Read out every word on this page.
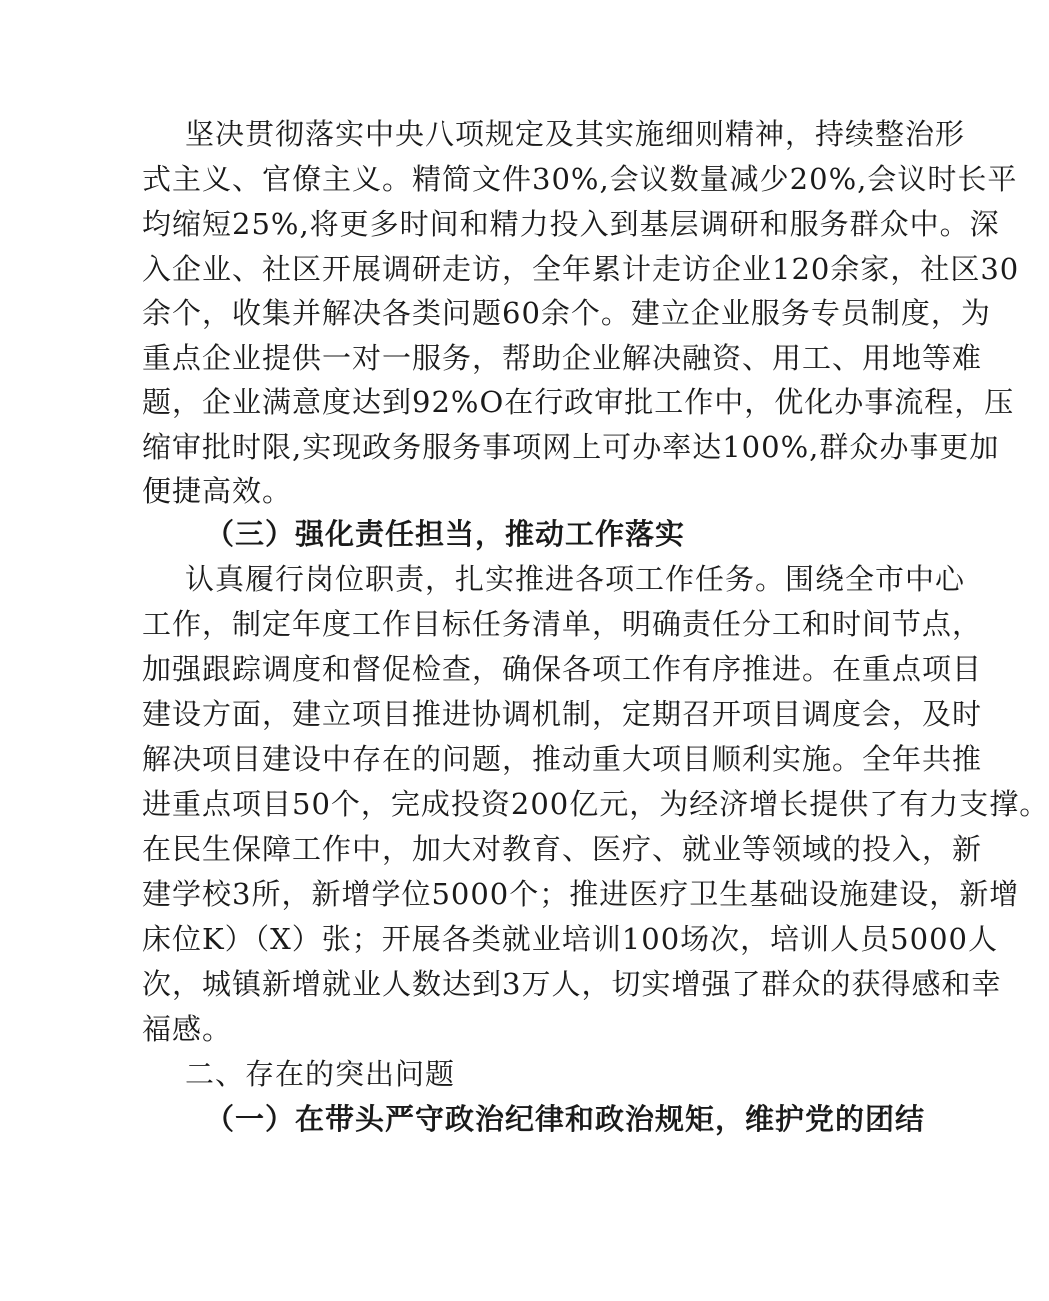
坚决贯彻落实中央八项规定及其实施细则精神，持续整治形
式主义、官僚主义。精简文件30%,会议数量减少20%,会议时长平
均缩短25%,将更多时间和精力投入到基层调研和服务群众中。深
入企业、社区开展调研走访，全年累计走访企业120余家，社区30
余个，收集并解决各类问题60余个。建立企业服务专员制度，为
重点企业提供一对一服务，帮助企业解决融资、用工、用地等难
题，企业满意度达到92%O在行政审批工作中，优化办事流程，压
缩审批时限,实现政务服务事项网上可办率达100%,群众办事更加
便捷高效。
（三）强化责任担当，推动工作落实
认真履行岗位职责，扎实推进各项工作任务。围绕全市中心
工作，制定年度工作目标任务清单，明确责任分工和时间节点，
加强跟踪调度和督促检查，确保各项工作有序推进。在重点项目
建设方面，建立项目推进协调机制，定期召开项目调度会，及时
解决项目建设中存在的问题，推动重大项目顺利实施。全年共推
进重点项目50个，完成投资200亿元，为经济增长提供了有力支撑。
在民生保障工作中，加大对教育、医疗、就业等领域的投入，新
建学校3所，新增学位5000个；推进医疗卫生基础设施建设，新增
床位K）（X）张；开展各类就业培训100场次，培训人员5000人
次，城镇新增就业人数达到3万人，切实增强了群众的获得感和幸
福感。
二、存在的突出问题
（一）在带头严守政治纪律和政治规矩，维护党的团结
